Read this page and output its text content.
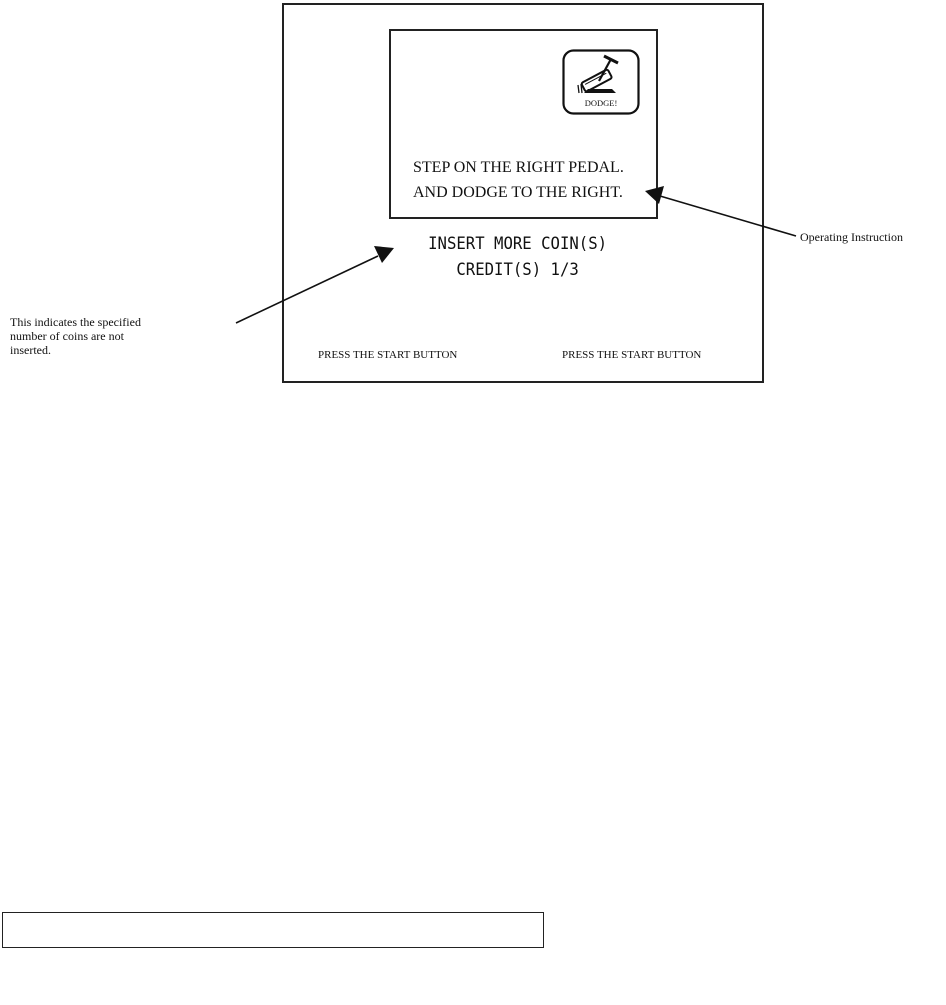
DODGE!
STEP ON THE RIGHT PEDAL.
AND DODGE TO THE RIGHT.
INSERT MORE COIN(S)
CREDIT(S) 1/3
PRESS THE START BUTTON	PRESS THE START BUTTON
This indicates the specified
number of coins are not
inserted.
Operating Instruction
